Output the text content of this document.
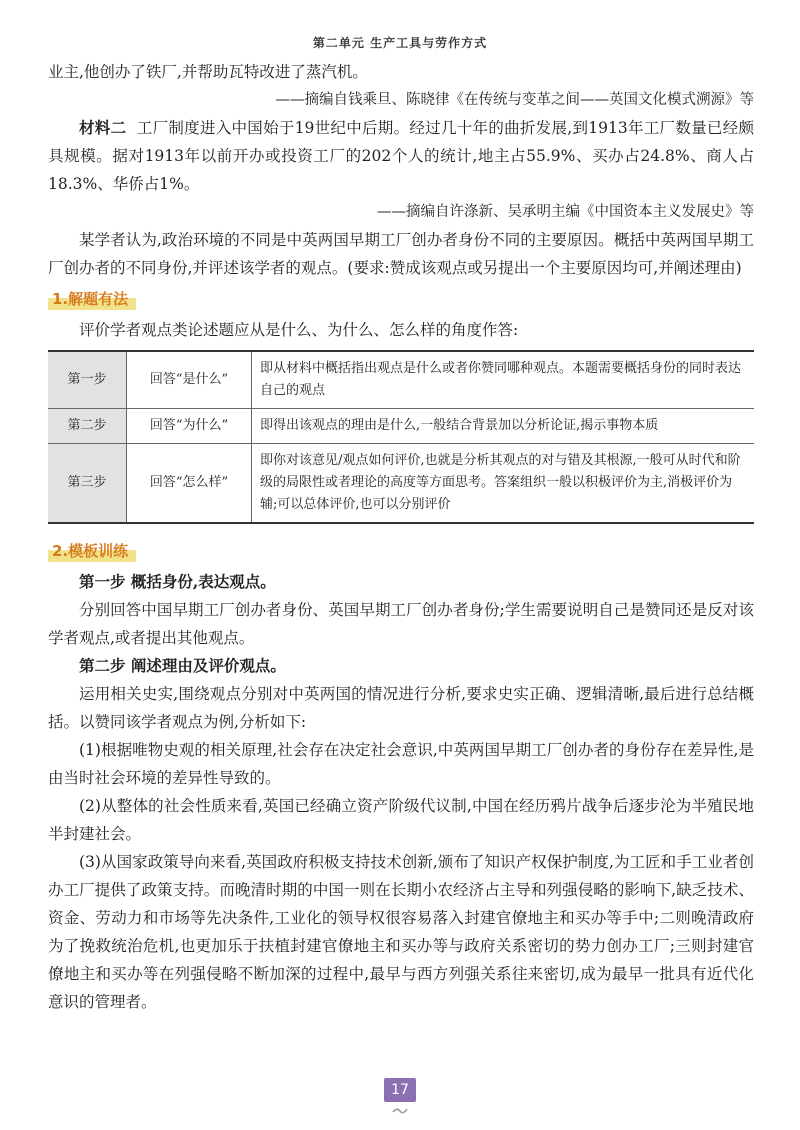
第二单元 生产工具与劳作方式

业主,他创办了铁厂,并帮助瓦特改进了蒸汽机。

——摘编自钱乘旦、陈晓律《在传统与变革之间——英国文化模式溯源》等

材料二 工厂制度进入中国始于19世纪中后期。经过几十年的曲折发展,到1913年工厂数量已经颇具规模。据对1913年以前开办或投资工厂的202个人的统计,地主占55.9%、买办占24.8%、商人占18.3%、华侨占1%。

——摘编自许涤新、吴承明主编《中国资本主义发展史》等

某学者认为,政治环境的不同是中英两国早期工厂创办者身份不同的主要原因。概括中英两国早期工厂创办者的不同身份,并评述该学者的观点。(要求:赞成该观点或另提出一个主要原因均可,并阐述理由)

1.解题有法

评价学者观点类论述题应从是什么、为什么、怎么样的角度作答:

第一步	回答“是什么”	即从材料中概括指出观点是什么或者你赞同哪种观点。本题需要概括身份的同时表达自己的观点
第二步	回答“为什么”	即得出该观点的理由是什么,一般结合背景加以分析论证,揭示事物本质
第三步	回答“怎么样”	即你对该意见/观点如何评价,也就是分析其观点的对与错及其根源,一般可从时代和阶级的局限性或者理论的高度等方面思考。答案组织一般以积极评价为主,消极评价为辅;可以总体评价,也可以分别评价
2.模板训练

第一步 概括身份,表达观点。

分别回答中国早期工厂创办者身份、英国早期工厂创办者身份;学生需要说明自己是赞同还是反对该学者观点,或者提出其他观点。

第二步 阐述理由及评价观点。

运用相关史实,围绕观点分别对中英两国的情况进行分析,要求史实正确、逻辑清晰,最后进行总结概括。以赞同该学者观点为例,分析如下:

(1)根据唯物史观的相关原理,社会存在决定社会意识,中英两国早期工厂创办者的身份存在差异性,是由当时社会环境的差异性导致的。

(2)从整体的社会性质来看,英国已经确立资产阶级代议制,中国在经历鸦片战争后逐步沦为半殖民地半封建社会。

(3)从国家政策导向来看,英国政府积极支持技术创新,颁布了知识产权保护制度,为工匠和手工业者创办工厂提供了政策支持。而晚清时期的中国一则在长期小农经济占主导和列强侵略的影响下,缺乏技术、资金、劳动力和市场等先决条件,工业化的领导权很容易落入封建官僚地主和买办等手中;二则晚清政府为了挽救统治危机,也更加乐于扶植封建官僚地主和买办等与政府关系密切的势力创办工厂;三则封建官僚地主和买办等在列强侵略不断加深的过程中,最早与西方列强关系往来密切,成为最早一批具有近代化意识的管理者。

17
